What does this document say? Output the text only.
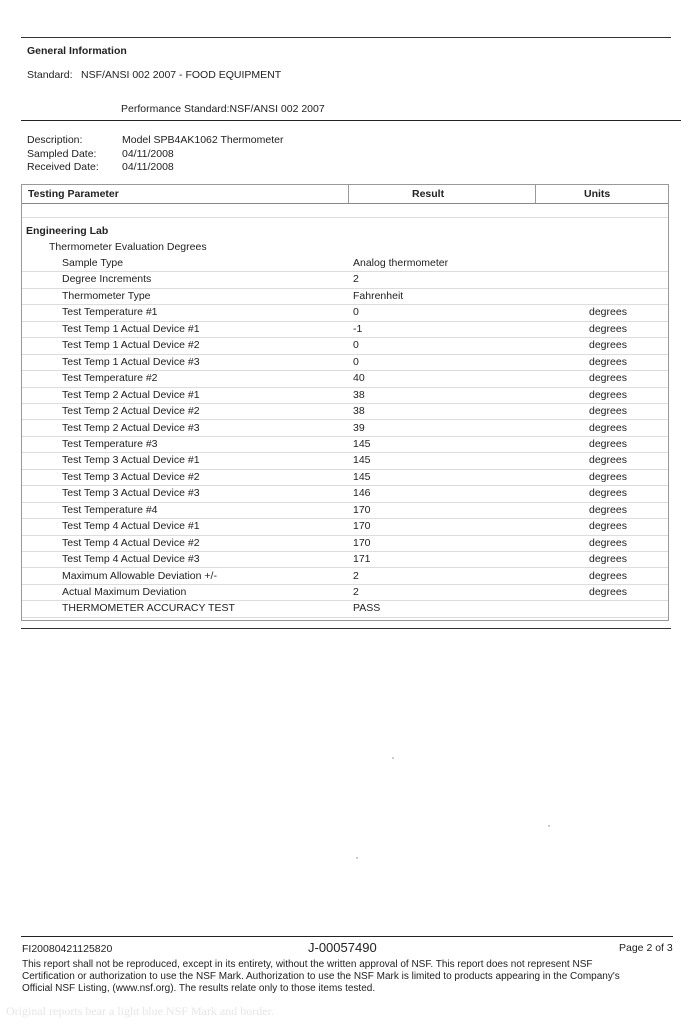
General Information
Standard: NSF/ANSI 002 2007 - FOOD EQUIPMENT
Performance Standard:NSF/ANSI 002 2007
Description:	Model SPB4AK1062 Thermometer
Sampled Date: 04/11/2008
Received Date: 04/11/2008
Testing Parameter	Result	Units
Engineering Lab
Thermometer Evaluation Degrees
Sample Type	Analog thermometer
Degree Increments	2
Thermometer Type	Fahrenheit
Test Temperature #1	0	degrees
Test Temp 1 Actual Device #1	-1	degrees
Test Temp 1 Actual Device #2	0	degrees
Test Temp 1 Actual Device #3	0	degrees
Test Temperature #2	40	degrees
Test Temp 2 Actual Device #1	38	degrees
Test Temp 2 Actual Device #2	38	degrees
Test Temp 2 Actual Device #3	39	degrees
Test Temperature #3	145	degrees
Test Temp 3 Actual Device #1	145	degrees
Test Temp 3 Actual Device #2	145	degrees
Test Temp 3 Actual Device #3	146	degrees
Test Temperature #4	170	degrees
Test Temp 4 Actual Device #1	170	degrees
Test Temp 4 Actual Device #2	170	degrees
Test Temp 4 Actual Device #3	171	degrees
Maximum Allowable Deviation +/-	2	degrees
Actual Maximum Deviation	2	degrees
THERMOMETER ACCURACY TEST	PASS
FI20080421125820	J-00057490	Page 2 of 3
This report shall not be reproduced, except in its entirety, without the written approval of NSF. This report does not represent NSF
Certification or authorization to use the NSF Mark. Authorization to use the NSF Mark is limited to products appearing in the Company's
Official NSF Listing, (www.nsf.org). The results relate only to those items tested.
Original reports bear a light blue NSF Mark and border.
